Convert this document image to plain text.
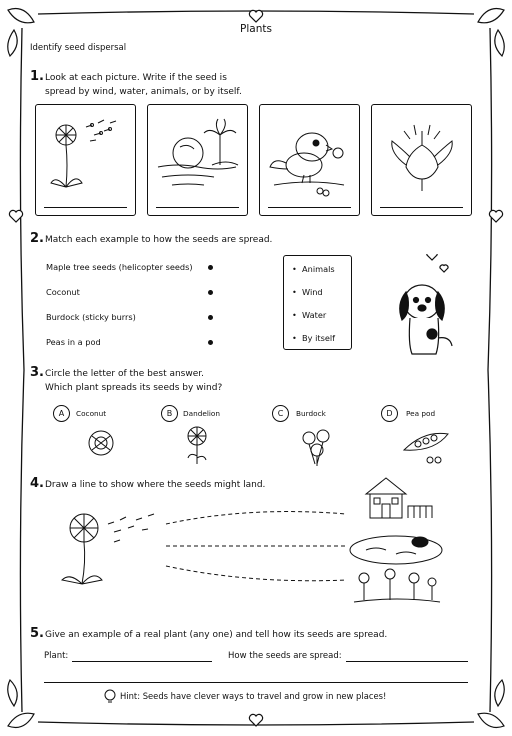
Plants
Identify seed dispersal
1. Look at each picture. Write if the seed is
spread by wind, water, animals, or by itself.
2. Match each example to how the seeds are spread.
Maple tree seeds (helicopter seeds)
Coconut
Burdock (sticky burrs)
Peas in a pod
•  Animals
•  Wind
•  Water
•  By itself
3. Circle the letter of the best answer.
Which plant spreads its seeds by wind?
A	Coconut	B	Dandelion	C	Burdock	D	Pea pod
4. Draw a line to show where the seeds might land.
5. Give an example of a real plant (any one) and tell how its seeds are spread.
Plant:	How the seeds are spread:
Hint: Seeds have clever ways to travel and grow in new places!
